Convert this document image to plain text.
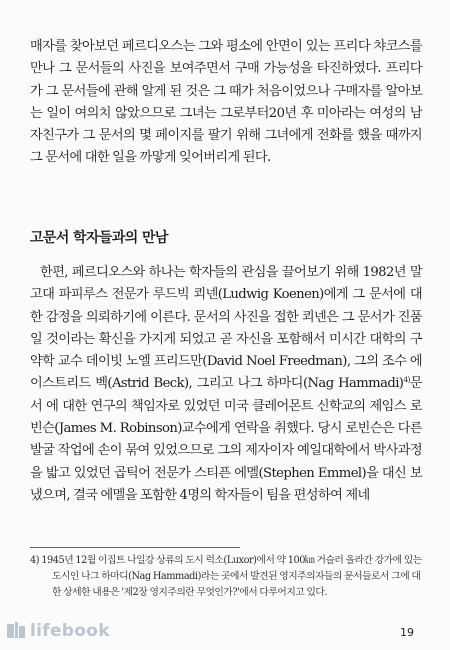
매자를 찾아보던 페르디오스는 그와 평소에 안면이 있는 프리다 챠코스를 만나 그 문서들의 사진을 보여주면서 구매 가능성을 타진하였다. 프리다가 그 문서들에 관해 알게 된 것은 그 때가 처음이었으나 구매자를 알아보는 일이 여의치 않았으므로 그녀는 그로부터20년 후 미아라는 여성의 남자친구가 그 문서의 몇 페이지를 팔기 위해 그녀에게 전화를 했을 때까지 그 문서에 대한 일을 까맣게 잊어버리게 된다.

고문서 학자들과의 만남

한편, 페르디오스와 하나는 학자들의 관심을 끌어보기 위해 1982년 말 고대 파피루스 전문가 루드빅 쾨넨(Ludwig Koenen)에게 그 문서에 대한 감정을 의뢰하기에 이른다. 문서의 사진을 접한 쾨넨은 그 문서가 진품일 것이라는 확신을 가지게 되었고 곧 자신을 포함해서 미시간 대학의 구약학 교수 데이빗 노엘 프리드만(David Noel Freedman), 그의 조수 에이스트리드 벡(Astrid Beck), 그리고 나그 하마디(Nag Hammadi)$^{4)}$문서 에 대한 연구의 책임자로 있었던 미국 클레어몬트 신학교의 제임스 로빈슨(James M. Robinson)교수에게 연락을 취했다. 당시 로빈슨은 다른 발굴 작업에 손이 묶여 있었으므로 그의 제자이자 예일대학에서 박사과정을 밟고 있었던 곱틱어 전문가 스티픈 에멜(Stephen Emmel)을 대신 보냈으며, 결국 에멜을 포함한 4명의 학자들이 팀을 편성하여 제네

4) 1945년 12월 이집트 나일강 상류의 도시 럭소(Luxor)에서 약 100㎞ 거슬러 올라간 강가에 있는 도시인 나그 하마디(Nag Hammadi)라는 곳에서 발견된 영지주의자들의 문서들로서 그에 대한 상세한 내용은 '제2장 영지주의란 무엇인가?'에서 다루어지고 있다.

19
lifebook
